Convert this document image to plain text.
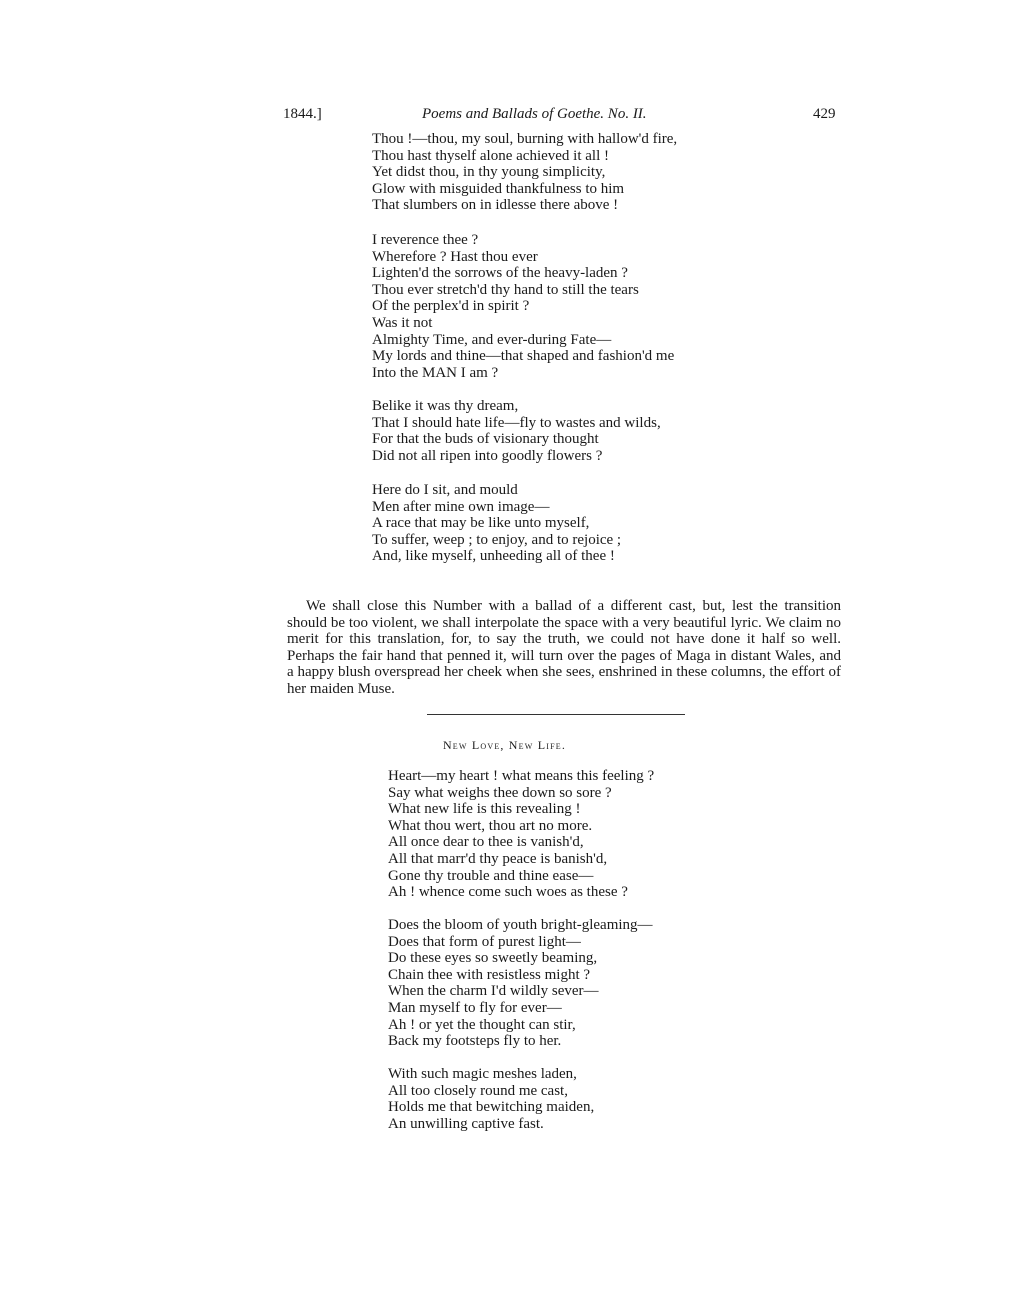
1844.]	Poems and Ballads of Goethe. No. II.	429
Thou !—thou, my soul, burning with hallow'd fire,
Thou hast thyself alone achieved it all !
Yet didst thou, in thy young simplicity,
Glow with misguided thankfulness to him
That slumbers on in idlesse there above !
I reverence thee ?
Wherefore ? Hast thou ever
Lighten'd the sorrows of the heavy-laden ?
Thou ever stretch'd thy hand to still the tears
Of the perplex'd in spirit ?
Was it not
Almighty Time, and ever-during Fate—
My lords and thine—that shaped and fashion'd me
Into the MAN I am ?
Belike it was thy dream,
That I should hate life—fly to wastes and wilds,
For that the buds of visionary thought
Did not all ripen into goodly flowers ?
Here do I sit, and mould
Men after mine own image—
A race that may be like unto myself,
To suffer, weep ; to enjoy, and to rejoice ;
And, like myself, unheeding all of thee !

We shall close this Number with a ballad of a different cast, but, lest the transition should be too violent, we shall interpolate the space with a very beautiful lyric. We claim no merit for this translation, for, to say the truth, we could not have done it half so well. Perhaps the fair hand that penned it, will turn over the pages of Maga in distant Wales, and a happy blush overspread her cheek when she sees, enshrined in these columns, the effort of her maiden Muse.

New Love, New Life.
Heart—my heart ! what means this feeling ?
Say what weighs thee down so sore ?
What new life is this revealing !
What thou wert, thou art no more.
All once dear to thee is vanish'd,
All that marr'd thy peace is banish'd,
Gone thy trouble and thine ease—
Ah ! whence come such woes as these ?
Does the bloom of youth bright-gleaming—
Does that form of purest light—
Do these eyes so sweetly beaming,
Chain thee with resistless might ?
When the charm I'd wildly sever—
Man myself to fly for ever—
Ah ! or yet the thought can stir,
Back my footsteps fly to her.
With such magic meshes laden,
All too closely round me cast,
Holds me that bewitching maiden,
An unwilling captive fast.
